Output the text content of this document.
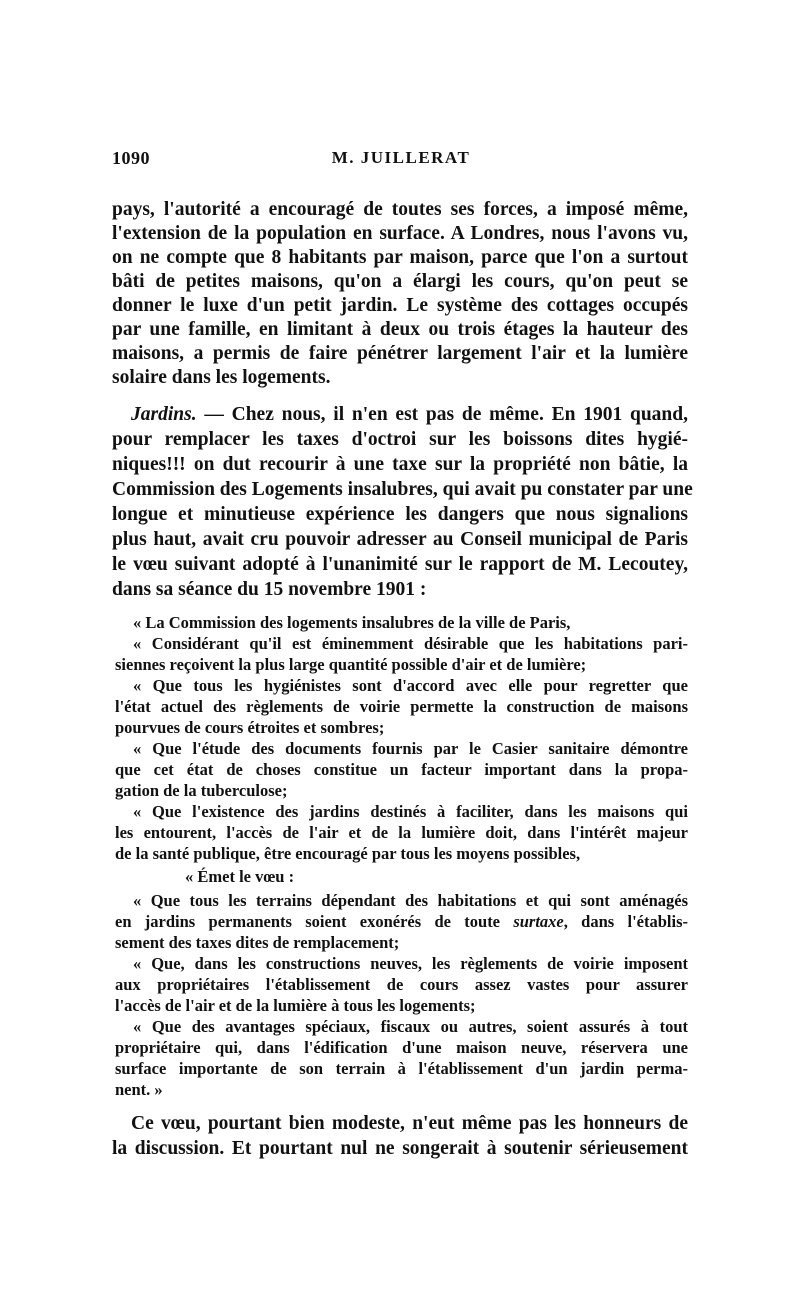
1090	M. JUILLERAT
pays, l'autorité a encouragé de toutes ses forces, a imposé même,
l'extension de la population en surface. A Londres, nous l'avons vu,
on ne compte que 8 habitants par maison, parce que l'on a surtout
bâti de petites maisons, qu'on a élargi les cours, qu'on peut se
donner le luxe d'un petit jardin. Le système des cottages occupés
par une famille, en limitant à deux ou trois étages la hauteur des
maisons, a permis de faire pénétrer largement l'air et la lumière
solaire dans les logements.
Jardins. — Chez nous, il n'en est pas de même. En 1901 quand,
pour remplacer les taxes d'octroi sur les boissons dites hygié-
niques!!! on dut recourir à une taxe sur la propriété non bâtie, la
Commission des Logements insalubres, qui avait pu constater par une
longue et minutieuse expérience les dangers que nous signalions
plus haut, avait cru pouvoir adresser au Conseil municipal de Paris
le vœu suivant adopté à l'unanimité sur le rapport de M. Lecoutey,
dans sa séance du 15 novembre 1901 :
« La Commission des logements insalubres de la ville de Paris,
« Considérant qu'il est éminemment désirable que les habitations pari-
siennes reçoivent la plus large quantité possible d'air et de lumière;
« Que tous les hygiénistes sont d'accord avec elle pour regretter que
l'état actuel des règlements de voirie permette la construction de maisons
pourvues de cours étroites et sombres;
« Que l'étude des documents fournis par le Casier sanitaire démontre
que cet état de choses constitue un facteur important dans la propa-
gation de la tuberculose;
« Que l'existence des jardins destinés à faciliter, dans les maisons qui
les entourent, l'accès de l'air et de la lumière doit, dans l'intérêt majeur
de la santé publique, être encouragé par tous les moyens possibles,
« Émet le vœu :
« Que tous les terrains dépendant des habitations et qui sont aménagés
en jardins permanents soient exonérés de toute surtaxe, dans l'établis-
sement des taxes dites de remplacement;
« Que, dans les constructions neuves, les règlements de voirie imposent
aux propriétaires l'établissement de cours assez vastes pour assurer
l'accès de l'air et de la lumière à tous les logements;
« Que des avantages spéciaux, fiscaux ou autres, soient assurés à tout
propriétaire qui, dans l'édification d'une maison neuve, réservera une
surface importante de son terrain à l'établissement d'un jardin perma-
nent. »
Ce vœu, pourtant bien modeste, n'eut même pas les honneurs de
la discussion. Et pourtant nul ne songerait à soutenir sérieusement
